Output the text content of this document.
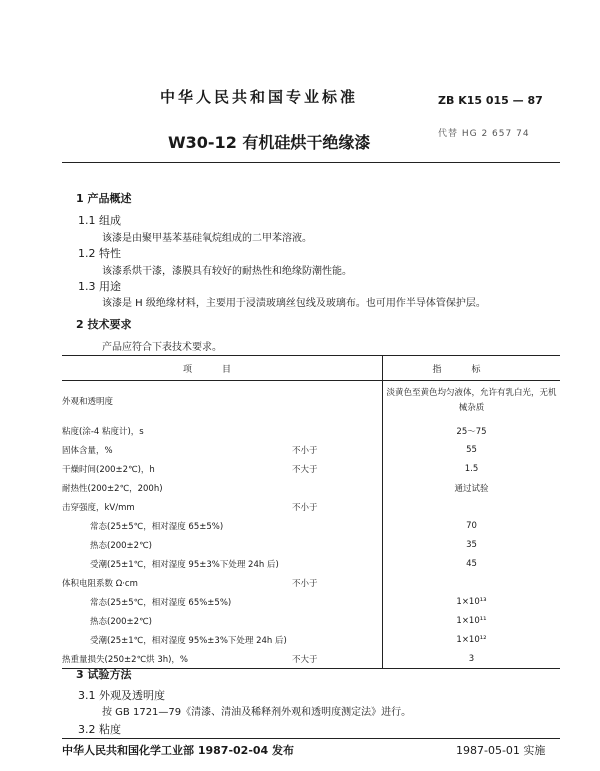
中华人民共和国专业标准	ZB K15 015 — 87
W30-12 有机硅烘干绝缘漆	代替 HG 2 657 74
1 产品概述
1.1 组成
该漆是由聚甲基苯基硅氧烷组成的二甲苯溶液。
1.2 特性
该漆系烘干漆，漆膜具有较好的耐热性和绝缘防潮性能。
1.3 用途
该漆是 H 级绝缘材料，主要用于浸渍玻璃丝包线及玻璃布。也可用作半导体管保护层。
2 技术要求
产品应符合下表技术要求。
项目	指标

外观和透明度	淡黄色至黄色均匀液体，允许有乳白光，无机械杂质

粘度(涂-4 粘度计)，s	25～75

固体含量，% 不小于	55

干燥时间(200±2℃)，h 不大于	1.5

耐热性(200±2℃，200h)	通过试验

击穿强度，kV/mm 不小于	

常态(25±5℃，相对湿度 65±5%)	70

热态(200±2℃)	35

受潮(25±1℃，相对湿度 95±3%下处理 24h 后)	45

体积电阻系数 Ω·cm 不小于	

常态(25±5℃，相对湿度 65%±5%)	1×10¹³

热态(200±2℃)	1×10¹¹

受潮(25±1℃，相对湿度 95%±3%下处理 24h 后)	1×10¹²

热重量损失(250±2℃烘 3h)，% 不大于	3
3 试验方法
3.1 外观及透明度
按 GB 1721—79《清漆、清油及稀释剂外观和透明度测定法》进行。
3.2 粘度
中华人民共和国化学工业部 1987-02-04 发布	1987-05-01 实施
